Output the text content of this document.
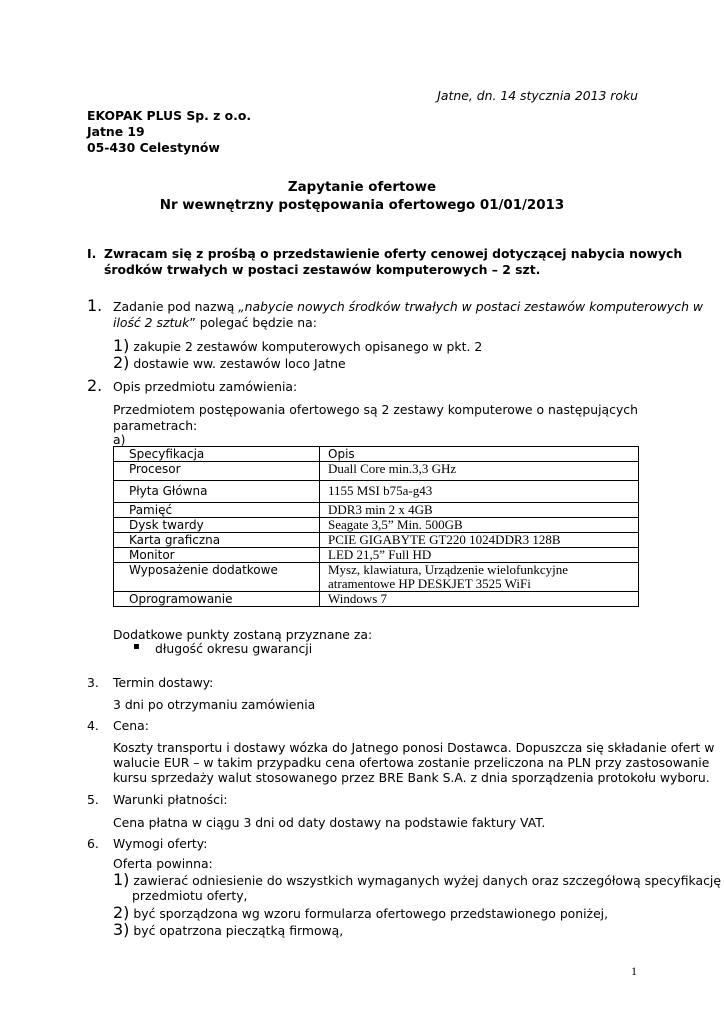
Jatne, dn. 14 stycznia 2013 roku
EKOPAK PLUS Sp. z o.o.
Jatne 19
05-430 Celestynów
Zapytanie ofertowe
Nr wewnętrzny postępowania ofertowego 01/01/2013
I. Zwracam się z prośbą o przedstawienie oferty cenowej dotyczącej nabycia nowych
środków trwałych w postaci zestawów komputerowych – 2 szt.
1. Zadanie pod nazwą „nabycie nowych środków trwałych w postaci zestawów komputerowych w
ilość 2 sztuk” polegać będzie na:
1) zakupie 2 zestawów komputerowych opisanego w pkt. 2
2) dostawie ww. zestawów loco Jatne
2. Opis przedmiotu zamówienia:
Przedmiotem postępowania ofertowego są 2 zestawy komputerowe o następujących
parametrach:
a)
Specyfikacja	Opis
Procesor	Duall Core min.3,3 GHz
Płyta Główna	1155 MSI b75a-g43
Pamięć	DDR3 min 2 x 4GB
Dysk twardy	Seagate 3,5” Min. 500GB
Karta graficzna	PCIE GIGABYTE GT220 1024DDR3 128B
Monitor	LED 21,5” Full HD
Wyposażenie dodatkowe	Mysz, klawiatura, Urządzenie wielofunkcyjne
atramentowe HP DESKJET 3525 WiFi

Oprogramowanie	Windows 7
Dodatkowe punkty zostaną przyznane za:
▪ długość okresu gwarancji
3. Termin dostawy:
3 dni po otrzymaniu zamówienia
4. Cena:
Koszty transportu i dostawy wózka do Jatnego ponosi Dostawca. Dopuszcza się składanie ofert w
walucie EUR – w takim przypadku cena ofertowa zostanie przeliczona na PLN przy zastosowanie
kursu sprzedaży walut stosowanego przez BRE Bank S.A. z dnia sporządzenia protokołu wyboru.
5. Warunki płatności:
Cena płatna w ciągu 3 dni od daty dostawy na podstawie faktury VAT.
6. Wymogi oferty:
Oferta powinna:
1) zawierać odniesienie do wszystkich wymaganych wyżej danych oraz szczegółową specyfikację
przedmiotu oferty,
2) być sporządzona wg wzoru formularza ofertowego przedstawionego poniżej,
3) być opatrzona pieczątką firmową,
1
